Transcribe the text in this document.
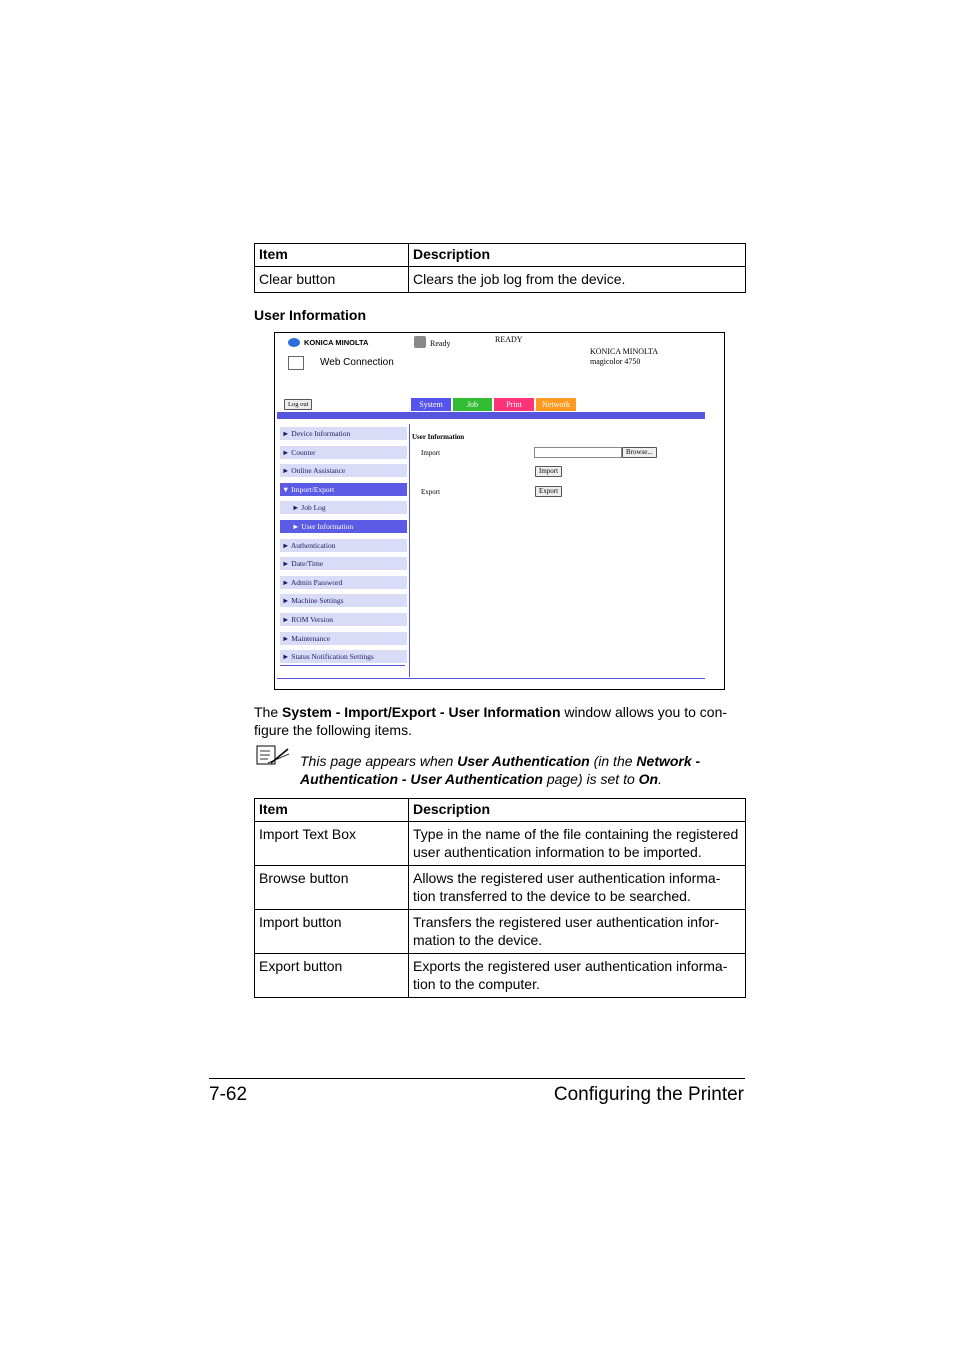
Item	Description
Clear button	Clears the job log from the device.
User Information
KONICA MINOLTA
Web Connection
Ready	READY
KONICA MINOLTA
magicolor 4750
Log out	System	Job	Print	Network
► Device Information
► Counter
► Online Assistance
▼ Import/Export
► Job Log
► User Information
► Authentication
► Date/Time
► Admin Password
► Machine Settings
► ROM Version
► Maintenance
► Status Notification Settings
User Information
Import	Browse...
Import
Export	Export
The System - Import/Export - User Information window allows you to con-
figure the following items.
This page appears when User Authentication (in the Network -
Authentication - User Authentication page) is set to On.
Item	Description
Import Text Box	Type in the name of the file containing the registered user authentication information to be imported.
Browse button	Allows the registered user authentication informa-tion transferred to the device to be searched.
Import button	Transfers the registered user authentication infor-mation to the device.
Export button	Exports the registered user authentication informa-tion to the computer.
7-62	Configuring the Printer
